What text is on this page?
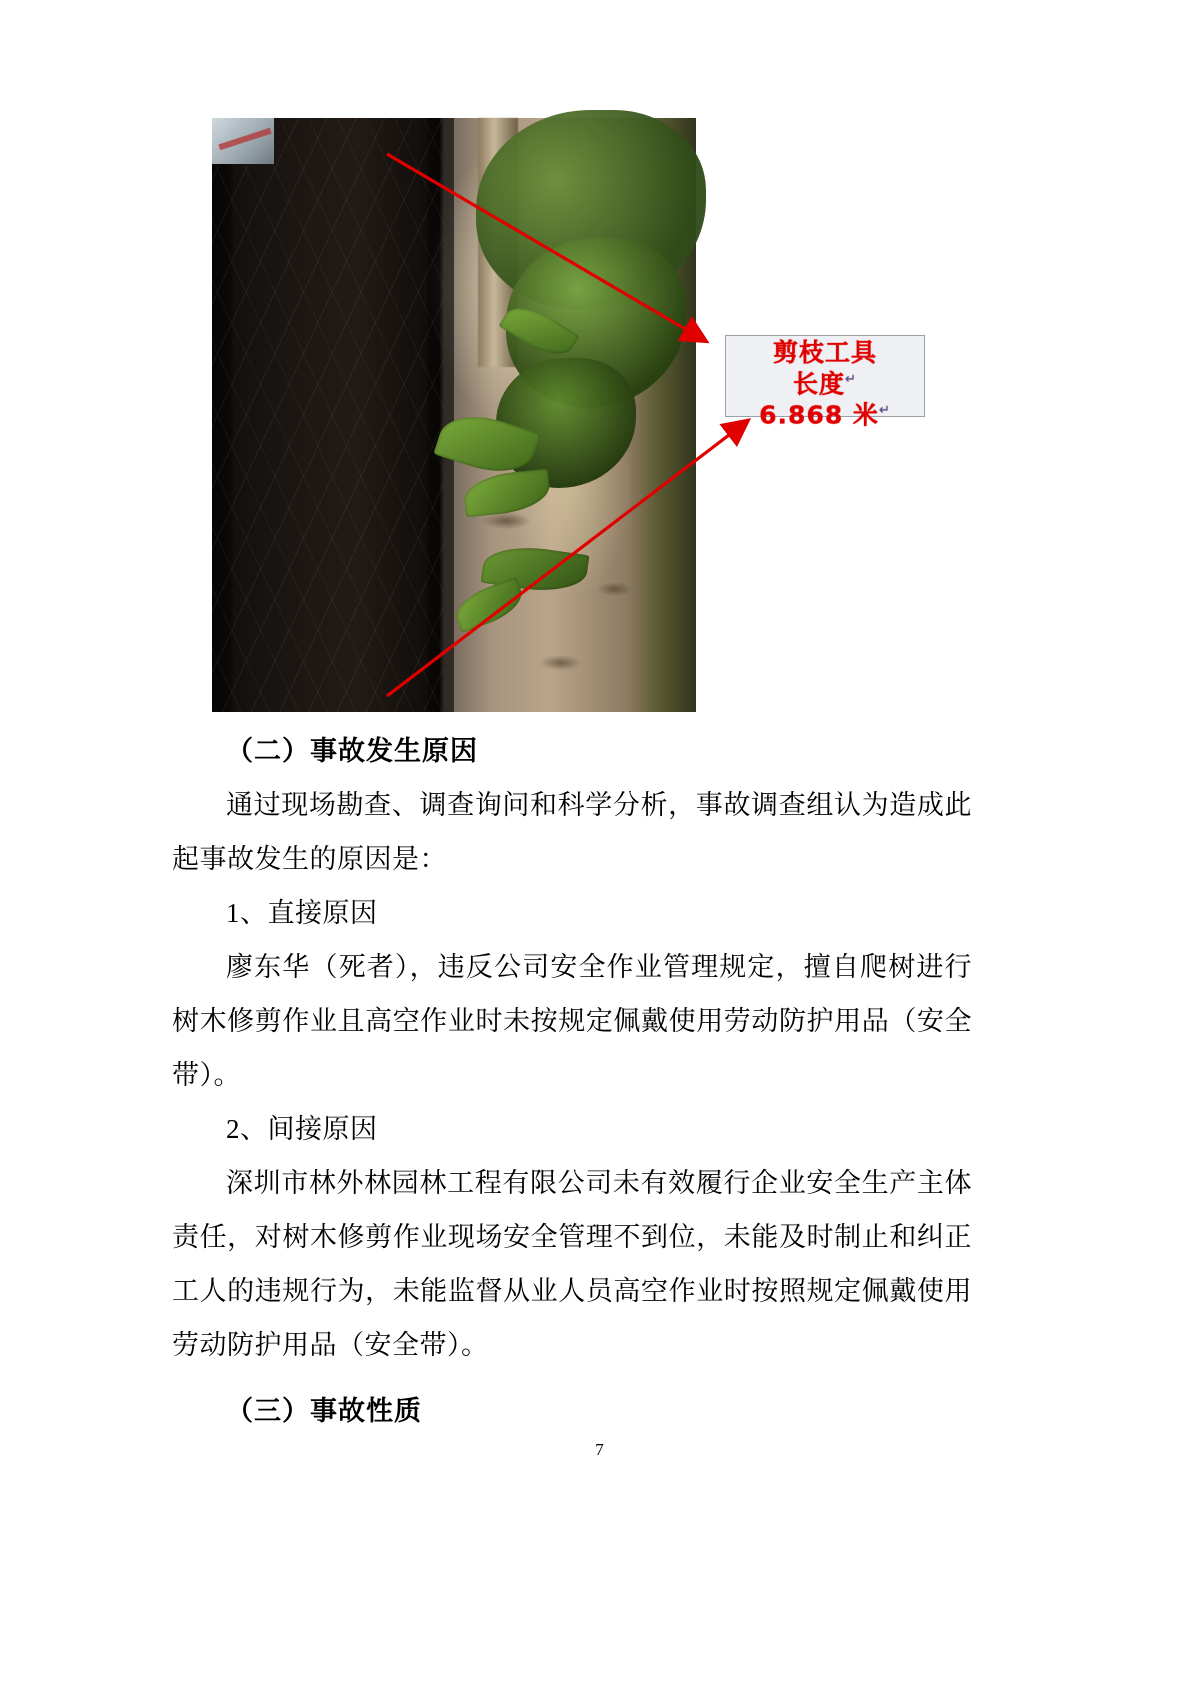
剪枝工具
长度↵
6.868 米↵
（二）事故发生原因

通过现场勘查、调查询问和科学分析，事故调查组认为造成此起事故发生的原因是：

1、直接原因

廖东华（死者），违反公司安全作业管理规定，擅自爬树进行树木修剪作业且高空作业时未按规定佩戴使用劳动防护用品（安全带）。

2、间接原因

深圳市林外林园林工程有限公司未有效履行企业安全生产主体责任，对树木修剪作业现场安全管理不到位，未能及时制止和纠正工人的违规行为，未能监督从业人员高空作业时按照规定佩戴使用劳动防护用品（安全带）。

（三）事故性质
7
